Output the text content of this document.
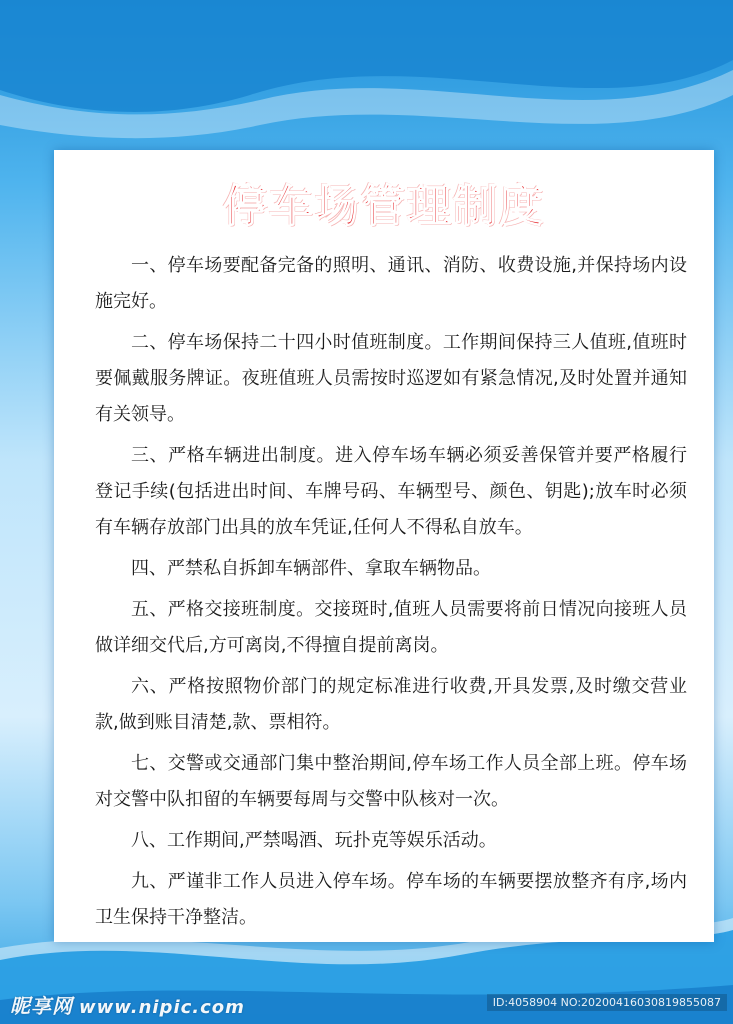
停车场管理制度
一、停车场要配备完备的照明、通讯、消防、收费设施,并保持场内设施完好。
二、停车场保持二十四小时值班制度。工作期间保持三人值班,值班时要佩戴服务牌证。夜班值班人员需按时巡逻如有紧急情况,及时处置并通知有关领导。
三、严格车辆进出制度。进入停车场车辆必须妥善保管并要严格履行登记手续(包括进出时间、车牌号码、车辆型号、颜色、钥匙);放车时必须有车辆存放部门出具的放车凭证,任何人不得私自放车。
四、严禁私自拆卸车辆部件、拿取车辆物品。
五、严格交接班制度。交接斑时,值班人员需要将前日情况向接班人员做详细交代后,方可离岗,不得擅自提前离岗。
六、严格按照物价部门的规定标准进行收费,开具发票,及时缴交营业款,做到账目清楚,款、票相符。
七、交警或交通部门集中整治期间,停车场工作人员全部上班。停车场对交警中队扣留的车辆要每周与交警中队核对一次。
八、工作期间,严禁喝酒、玩扑克等娱乐活动。
九、严谨非工作人员进入停车场。停车场的车辆要摆放整齐有序,场内卫生保持干净整洁。
昵享网 www.nipic.com	ID:4058904 NO:20200416030819855087
